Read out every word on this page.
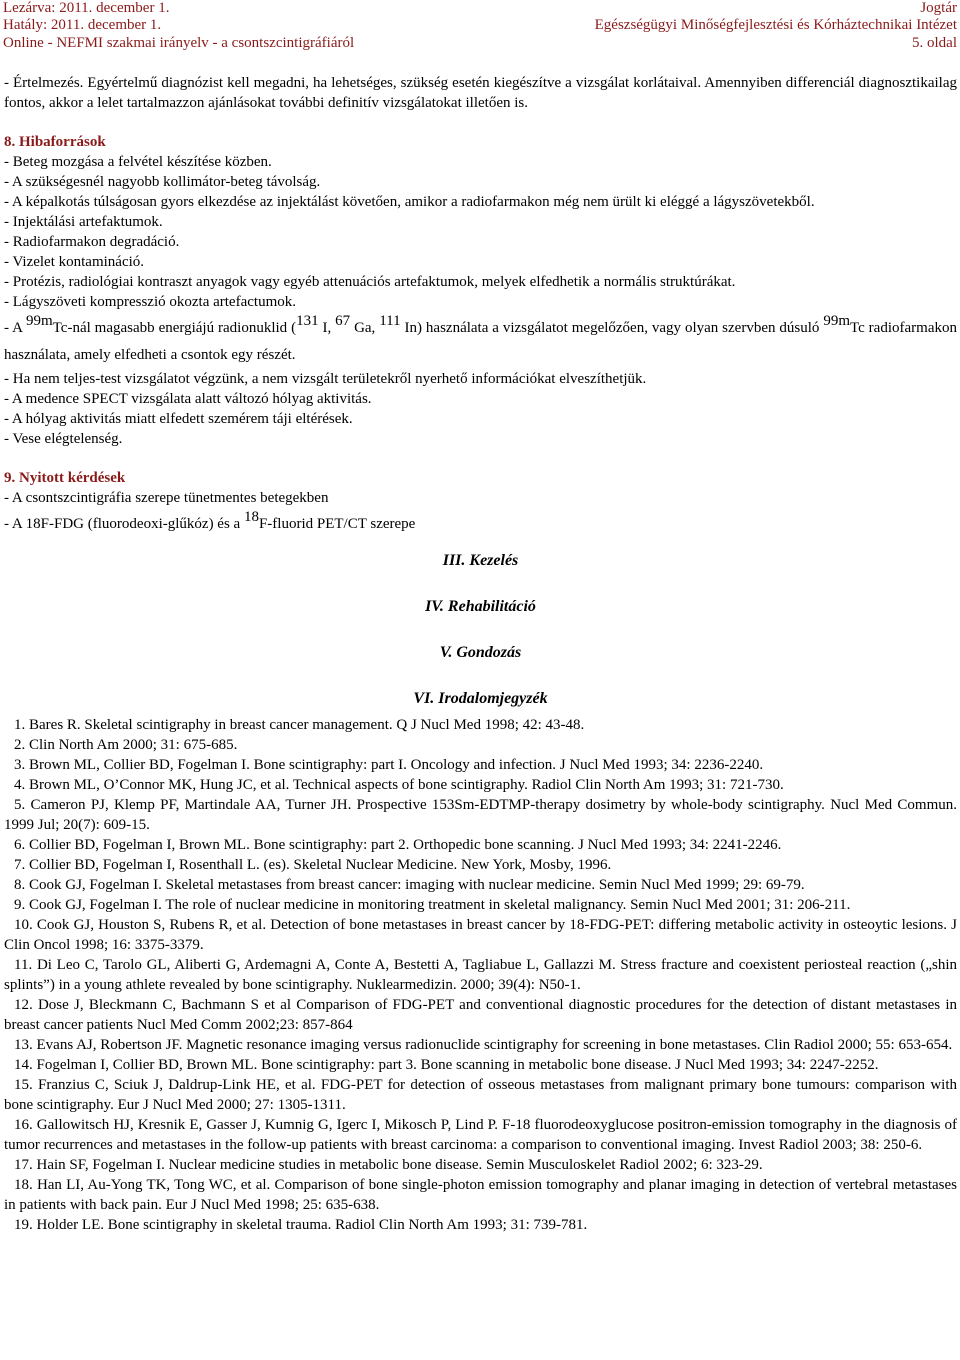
Lezárva: 2011. december 1.
Hatály: 2011. december 1.
Online - NEFMI szakmai irányelv - a csontszcintigráfiáról
Jogtár
Egészségügyi Minőségfejlesztési és Kórháztechnikai Intézet
5. oldal

- Értelmezés. Egyértelmű diagnózist kell megadni, ha lehetséges, szükség esetén kiegészítve a vizsgálat korlátaival. Amennyiben differenciál diagnosztikailag fontos, akkor a lelet tartalmazzon ajánlásokat további definitív vizsgálatokat illetően is.

8. Hibaforrások

- Beteg mozgása a felvétel készítése közben.

- A szükségesnél nagyobb kollimátor-beteg távolság.

- A képalkotás túlságosan gyors elkezdése az injektálást követően, amikor a radiofarmakon még nem ürült ki eléggé a lágyszövetekből.

- Injektálási artefaktumok.

- Radiofarmakon degradáció.

- Vizelet kontamináció.

- Protézis, radiológiai kontraszt anyagok vagy egyéb attenuációs artefaktumok, melyek elfedhetik a normális struktúrákat.

- Lágyszöveti kompresszió okozta artefactumok.

- A $^{99m}$Tc-nál magasabb energiájú radionuklid ($^{131}$ I, $^{67}$ Ga, $^{111}$ In) használata a vizsgálatot megelőzően, vagy olyan szervben dúsuló $^{99m}$Tc radiofarmakon használata, amely elfedheti a csontok egy részét.

- Ha nem teljes-test vizsgálatot végzünk, a nem vizsgált területekről nyerhető információkat elveszíthetjük.

- A medence SPECT vizsgálata alatt változó hólyag aktivitás.

- A hólyag aktivitás miatt elfedett szemérem táji eltérések.

- Vese elégtelenség.

9. Nyitott kérdések

- A csontszcintigráfia szerepe tünetmentes betegekben

- A 18F-FDG (fluorodeoxi-glűkóz) és a $^{18}$F-fluorid PET/CT szerepe

III. Kezelés

IV. Rehabilitáció

V. Gondozás

VI. Irodalomjegyzék

1. Bares R. Skeletal scintigraphy in breast cancer management. Q J Nucl Med 1998; 42: 43-48.

2. Clin North Am 2000; 31: 675-685.

3. Brown ML, Collier BD, Fogelman I. Bone scintigraphy: part I. Oncology and infection. J Nucl Med 1993; 34: 2236-2240.

4. Brown ML, O’Connor MK, Hung JC, et al. Technical aspects of bone scintigraphy. Radiol Clin North Am 1993; 31: 721-730.

5. Cameron PJ, Klemp PF, Martindale AA, Turner JH. Prospective 153Sm-EDTMP-therapy dosimetry by whole-body scintigraphy. Nucl Med Commun. 1999 Jul; 20(7): 609-15.

6. Collier BD, Fogelman I, Brown ML. Bone scintigraphy: part 2. Orthopedic bone scanning. J Nucl Med 1993; 34: 2241-2246.

7. Collier BD, Fogelman I, Rosenthall L. (es). Skeletal Nuclear Medicine. New York, Mosby, 1996.

8. Cook GJ, Fogelman I. Skeletal metastases from breast cancer: imaging with nuclear medicine. Semin Nucl Med 1999; 29: 69-79.

9. Cook GJ, Fogelman I. The role of nuclear medicine in monitoring treatment in skeletal malignancy. Semin Nucl Med 2001; 31: 206-211.

10. Cook GJ, Houston S, Rubens R, et al. Detection of bone metastases in breast cancer by 18-FDG-PET: differing metabolic activity in osteoytic lesions. J Clin Oncol 1998; 16: 3375-3379.

11. Di Leo C, Tarolo GL, Aliberti G, Ardemagni A, Conte A, Bestetti A, Tagliabue L, Gallazzi M. Stress fracture and coexistent periosteal reaction („shin splints”) in a young athlete revealed by bone scintigraphy. Nuklearmedizin. 2000; 39(4): N50-1.

12. Dose J, Bleckmann C, Bachmann S et al Comparison of FDG-PET and conventional diagnostic procedures for the detection of distant metastases in breast cancer patients Nucl Med Comm 2002;23: 857-864

13. Evans AJ, Robertson JF. Magnetic resonance imaging versus radionuclide scintigraphy for screening in bone metastases. Clin Radiol 2000; 55: 653-654.

14. Fogelman I, Collier BD, Brown ML. Bone scintigraphy: part 3. Bone scanning in metabolic bone disease. J Nucl Med 1993; 34: 2247-2252.

15. Franzius C, Sciuk J, Daldrup-Link HE, et al. FDG-PET for detection of osseous metastases from malignant primary bone tumours: comparison with bone scintigraphy. Eur J Nucl Med 2000; 27: 1305-1311.

16. Gallowitsch HJ, Kresnik E, Gasser J, Kumnig G, Igerc I, Mikosch P, Lind P. F-18 fluorodeoxyglucose positron-emission tomography in the diagnosis of tumor recurrences and metastases in the follow-up patients with breast carcinoma: a comparison to conventional imaging. Invest Radiol 2003; 38: 250-6.

17. Hain SF, Fogelman I. Nuclear medicine studies in metabolic bone disease. Semin Musculoskelet Radiol 2002; 6: 323-29.

18. Han LI, Au-Yong TK, Tong WC, et al. Comparison of bone single-photon emission tomography and planar imaging in detection of vertebral metastases in patients with back pain. Eur J Nucl Med 1998; 25: 635-638.

19. Holder LE. Bone scintigraphy in skeletal trauma. Radiol Clin North Am 1993; 31: 739-781.
